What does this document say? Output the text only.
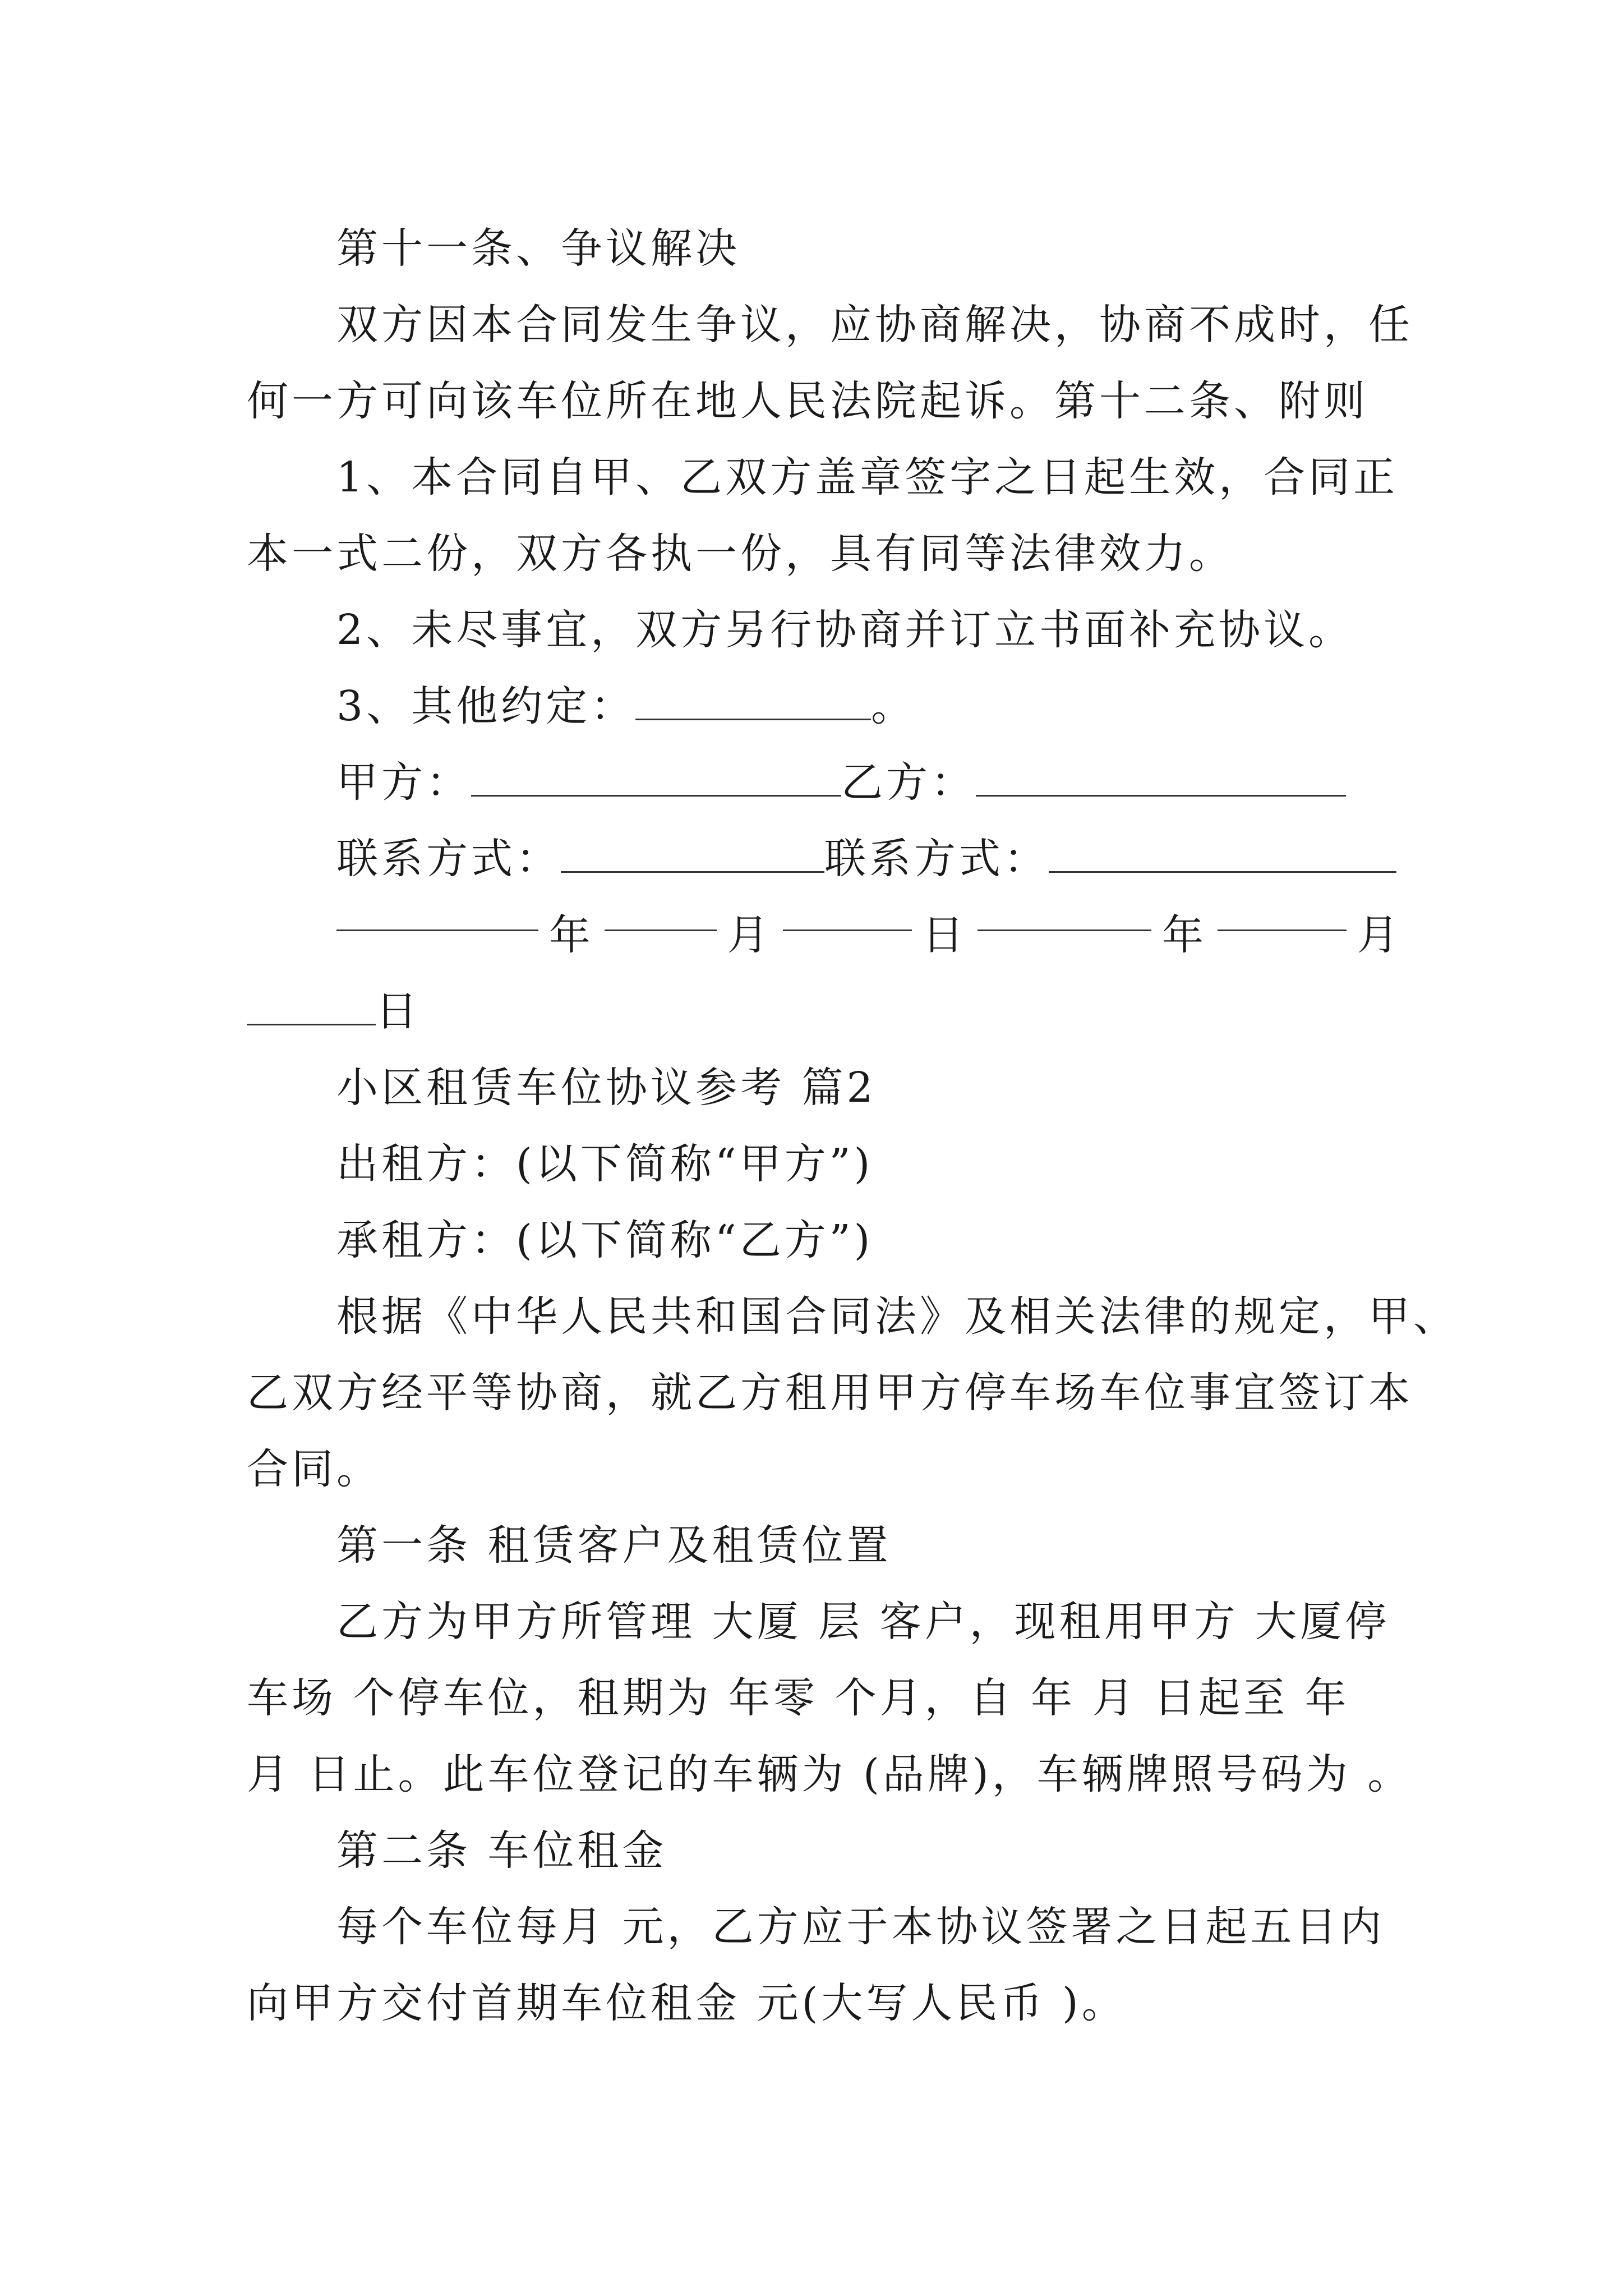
第十一条、争议解决
双方因本合同发生争议，应协商解决，协商不成时，任
何一方可向该车位所在地人民法院起诉。第十二条、附则
1、本合同自甲、乙双方盖章签字之日起生效，合同正
本一式二份，双方各执一份，具有同等法律效力。
2、未尽事宜，双方另行协商并订立书面补充协议。
3、其他约定：	。
甲方：	乙方：
联系方式：	联系方式：
年	月	日	年	月
日
小区租赁车位协议参考 篇2
出租方：(以下简称“甲方”)
承租方：(以下简称“乙方”)
根据《中华人民共和国合同法》及相关法律的规定，甲、
乙双方经平等协商，就乙方租用甲方停车场车位事宜签订本
合同。
第一条 租赁客户及租赁位置
乙方为甲方所管理 大厦 层 客户，现租用甲方 大厦停
车场 个停车位，租期为 年零 个月，自 年 月 日起至 年
月 日止。此车位登记的车辆为 (品牌)，车辆牌照号码为 。
第二条 车位租金
每个车位每月 元，乙方应于本协议签署之日起五日内
向甲方交付首期车位租金 元(大写人民币 )。
